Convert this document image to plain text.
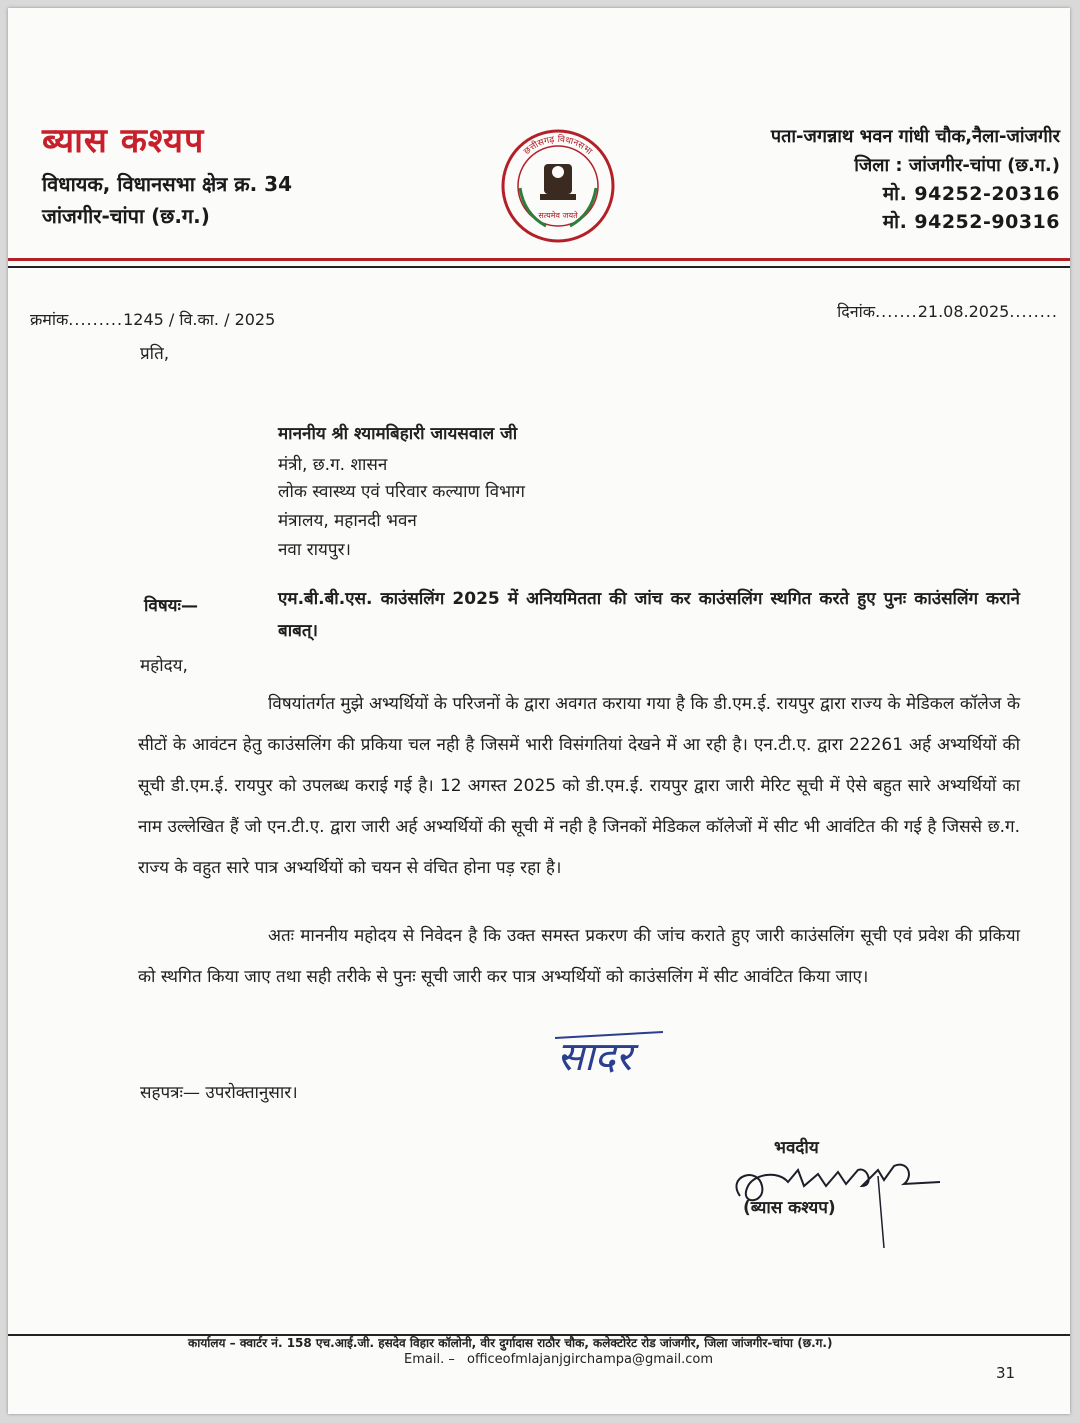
ब्यास कश्यप
विधायक, विधानसभा क्षेत्र क्र. 34
जांजगीर-चांपा (छ.ग.)
छत्तीसगढ़ विधानसभा
सत्यमेव जयते
पता-जगन्नाथ भवन गांधी चौक,नैला-जांजगीर
जिला : जांजगीर-चांपा (छ.ग.)
मो. 94252-20316
मो. 94252-90316
क्रमांक.........1245 / वि.का. / 2025	दिनांक.......21.08.2025........
प्रति,
माननीय श्री श्यामबिहारी जायसवाल जी
मंत्री, छ.ग. शासन
लोक स्वास्थ्य एवं परिवार कल्याण विभाग
मंत्रालय, महानदी भवन
नवा रायपुर।
विषयः—	एम.बी.बी.एस. काउंसलिंग 2025 में अनियमितता की जांच कर काउंसलिंग स्थगित करते हुए पुनः काउंसलिंग कराने बाबत्।
महोदय,
विषयांतर्गत मुझे अभ्यर्थियों के परिजनों के द्वारा अवगत कराया गया है कि डी.एम.ई. रायपुर द्वारा राज्य के मेडिकल कॉलेज के सीटों के आवंटन हेतु काउंसलिंग की प्रकिया चल नही है जिसमें भारी विसंगतियां देखने में आ रही है। एन.टी.ए. द्वारा 22261 अर्ह अभ्यर्थियों की सूची डी.एम.ई. रायपुर को उपलब्ध कराई गई है। 12 अगस्त 2025 को डी.एम.ई. रायपुर द्वारा जारी मेरिट सूची में ऐसे बहुत सारे अभ्यर्थियों का नाम उल्लेखित हैं जो एन.टी.ए. द्वारा जारी अर्ह अभ्यर्थियों की सूची में नही है जिनकों मेडिकल कॉलेजों में सीट भी आवंटित की गई है जिससे छ.ग. राज्य के वहुत सारे पात्र अभ्यर्थियों को चयन से वंचित होना पड़ रहा है।
अतः माननीय महोदय से निवेदन है कि उक्त समस्त प्रकरण की जांच कराते हुए जारी काउंसलिंग सूची एवं प्रवेश की प्रकिया को स्थगित किया जाए तथा सही तरीके से पुनः सूची जारी कर पात्र अभ्यर्थियों को काउंसलिंग में सीट आवंटित किया जाए।
सादर
सहपत्रः— उपरोक्तानुसार।
भवदीय
(ब्यास कश्यप)
कार्यालय – क्वार्टर नं. 158 एच.आई.जी. हसदेव विहार कॉलोनी, वीर दुर्गादास राठौर चौक, कलेक्टोरेट रोड जांजगीर, जिला जांजगीर-चांपा (छ.ग.)
Email. – officeofmlajanjgirchampa@gmail.com
31
